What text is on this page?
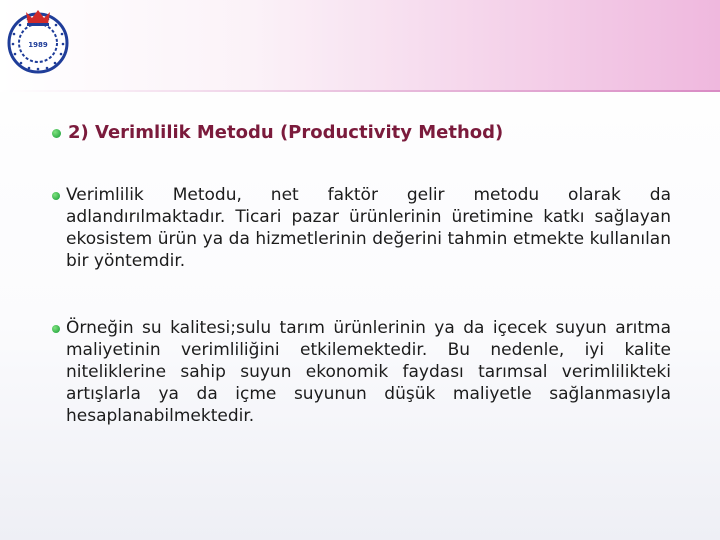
1989
2) Verimlilik Metodu (Productivity Method)
Verimlilik Metodu, net faktör gelir metodu olarak da adlandırılmaktadır. Ticari pazar ürünlerinin üretimine katkı sağlayan ekosistem ürün ya da hizmetlerinin değerini tahmin etmekte kullanılan bir yöntemdir.
Örneğin su kalitesi;sulu tarım ürünlerinin ya da içecek suyun arıtma maliyetinin verimliliğini etkilemektedir. Bu nedenle, iyi kalite niteliklerine sahip suyun ekonomik faydası tarımsal verimlilikteki artışlarla ya da içme suyunun düşük maliyetle sağlanmasıyla hesaplanabilmektedir.
